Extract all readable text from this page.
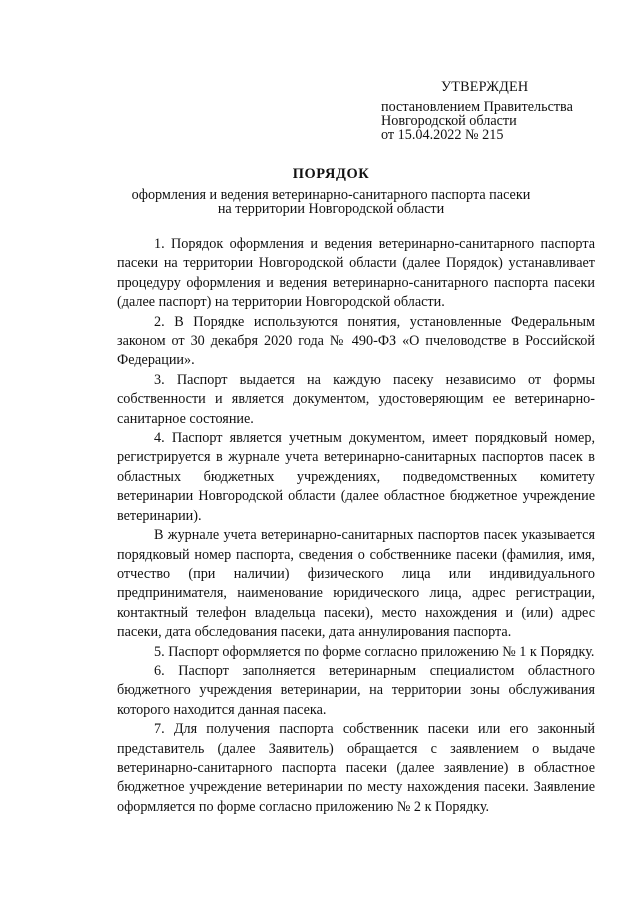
УТВЕРЖДЕН
постановлением Правительства
Новгородской области
от 15.04.2022 № 215
ПОРЯДОК
оформления и ведения ветеринарно-санитарного паспорта пасеки
на территории Новгородской области

1. Порядок оформления и ведения ветеринарно-санитарного паспорта пасеки на территории Новгородской области (далее Порядок) устанавливает процедуру оформления и ведения ветеринарно-санитарного паспорта пасеки (далее паспорт) на территории Новгородской области.

2. В Порядке используются понятия, установленные Федеральным законом от 30 декабря 2020 года № 490-ФЗ «О пчеловодстве в Российской Федерации».

3. Паспорт выдается на каждую пасеку независимо от формы собственности и является документом, удостоверяющим ее ветеринарно-санитарное состояние.

4. Паспорт является учетным документом, имеет порядковый номер, регистрируется в журнале учета ветеринарно-санитарных паспортов пасек в областных бюджетных учреждениях, подведомственных комитету ветеринарии Новгородской области (далее областное бюджетное учреждение ветеринарии).

В журнале учета ветеринарно-санитарных паспортов пасек указывается порядковый номер паспорта, сведения о собственнике пасеки (фамилия, имя, отчество (при наличии) физического лица или индивидуального предпринимателя, наименование юридического лица, адрес регистрации, контактный телефон владельца пасеки), место нахождения и (или) адрес пасеки, дата обследования пасеки, дата аннулирования паспорта.

5. Паспорт оформляется по форме согласно приложению № 1 к Порядку.

6. Паспорт заполняется ветеринарным специалистом областного бюджетного учреждения ветеринарии, на территории зоны обслуживания которого находится данная пасека.

7. Для получения паспорта собственник пасеки или его законный представитель (далее Заявитель) обращается с заявлением о выдаче ветеринарно-санитарного паспорта пасеки (далее заявление) в областное бюджетное учреждение ветеринарии по месту нахождения пасеки. Заявление оформляется по форме согласно приложению № 2 к Порядку.
